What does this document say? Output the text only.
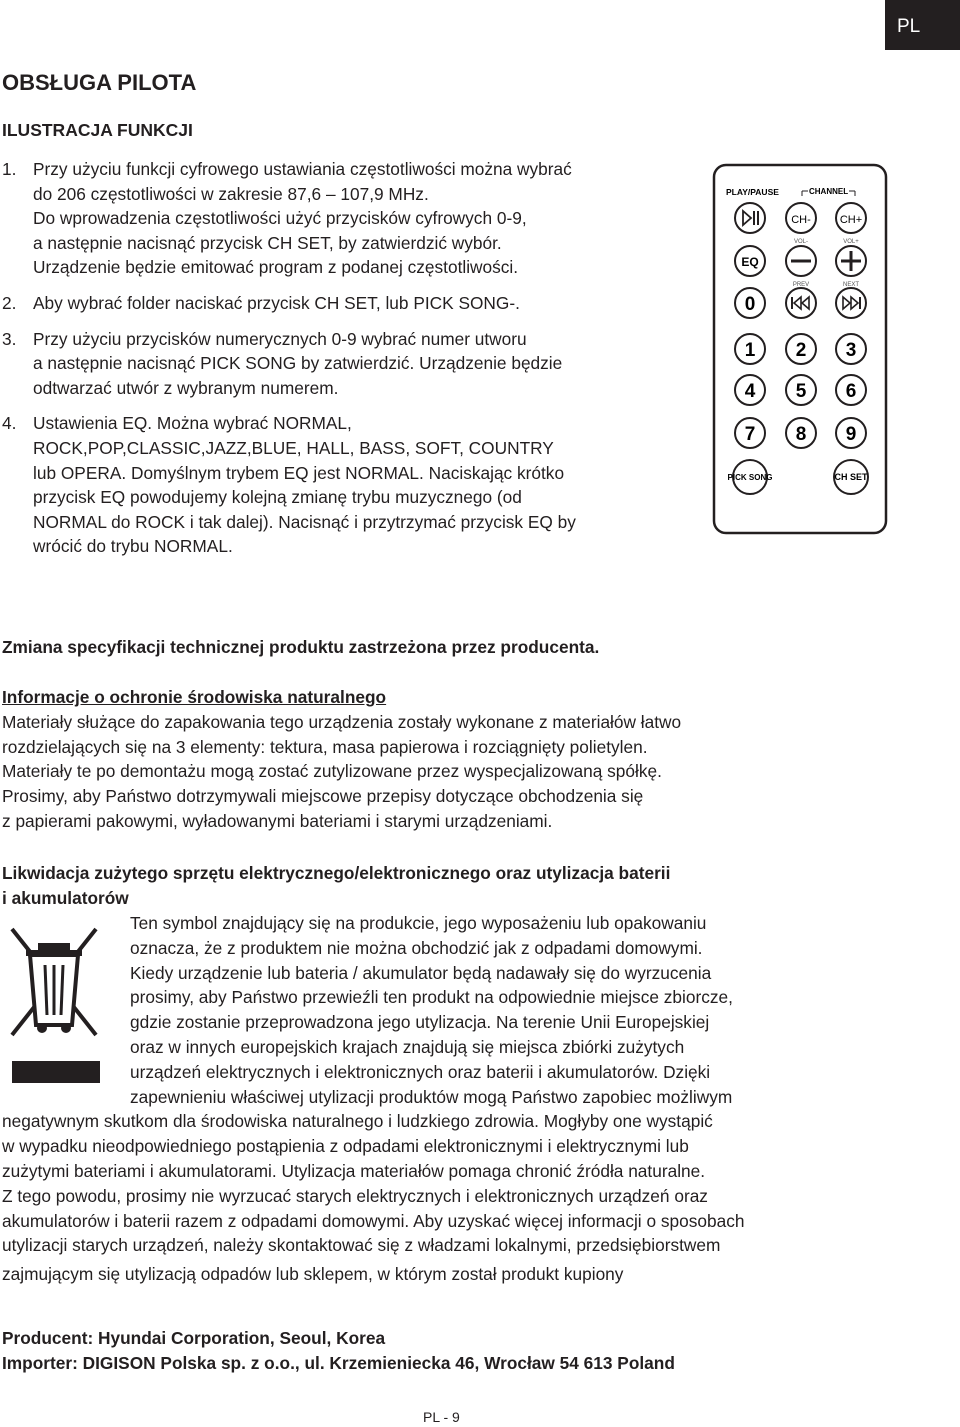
PL
OBSŁUGA PILOTA
ILUSTRACJA FUNKCJI
1. Przy użyciu funkcji cyfrowego ustawiania częstotliwości można wybrać
do 206 częstotliwości w zakresie 87,6 – 107,9 MHz.
Do wprowadzenia częstotliwości użyć przycisków cyfrowych 0-9,
a następnie nacisnąć przycisk CH SET, by zatwierdzić wybór.
Urządzenie będzie emitować program z podanej częstotliwości.
2. Aby wybrać folder naciskać przycisk CH SET, lub PICK SONG-.
3. Przy użyciu przycisków numerycznych 0-9 wybrać numer utworu
a następnie nacisnąć PICK SONG by zatwierdzić. Urządzenie będzie
odtwarzać utwór z wybranym numerem.
4. Ustawienia EQ. Można wybrać NORMAL,
ROCK,POP,CLASSIC,JAZZ,BLUE, HALL, BASS, SOFT, COUNTRY
lub OPERA. Domyślnym trybem EQ jest NORMAL. Naciskając krótko
przycisk EQ powodujemy kolejną zmianę trybu muzycznego (od
NORMAL do ROCK i tak dalej). Nacisnąć i przytrzymać przycisk EQ by
wrócić do trybu NORMAL.
PLAY/PAUSE	CHANNEL
CH-	CH+
VOL-	VOL+
EQ
PREV	NEXT
0
1 2 3
4 5 6
7 8 9
PICK SONG	CH SET
Zmiana specyfikacji technicznej produktu zastrzeżona przez producenta.
Informacje o ochronie środowiska naturalnego
Materiały służące do zapakowania tego urządzenia zostały wykonane z materiałów łatwo
rozdzielających się na 3 elementy: tektura, masa papierowa i rozciągnięty polietylen.
Materiały te po demontażu mogą zostać zutylizowane przez wyspecjalizowaną spółkę.
Prosimy, aby Państwo dotrzymywali miejscowe przepisy dotyczące obchodzenia się
z papierami pakowymi, wyładowanymi bateriami i starymi urządzeniami.
Likwidacja zużytego sprzętu elektrycznego/elektronicznego oraz utylizacja baterii
i akumulatorów
Ten symbol znajdujący się na produkcie, jego wyposażeniu lub opakowaniu
oznacza, że z produktem nie można obchodzić jak z odpadami domowymi.
Kiedy urządzenie lub bateria / akumulator będą nadawały się do wyrzucenia
prosimy, aby Państwo przewieźli ten produkt na odpowiednie miejsce zbiorcze,
gdzie zostanie przeprowadzona jego utylizacja. Na terenie Unii Europejskiej
oraz w innych europejskich krajach znajdują się miejsca zbiórki zużytych
urządzeń elektrycznych i elektronicznych oraz baterii i akumulatorów. Dzięki
zapewnieniu właściwej utylizacji produktów mogą Państwo zapobiec możliwym
negatywnym skutkom dla środowiska naturalnego i ludzkiego zdrowia. Mogłyby one wystąpić
w wypadku nieodpowiedniego postąpienia z odpadami elektronicznymi i elektrycznymi lub
zużytymi bateriami i akumulatorami. Utylizacja materiałów pomaga chronić źródła naturalne.
Z tego powodu, prosimy nie wyrzucać starych elektrycznych i elektronicznych urządzeń oraz
akumulatorów i baterii razem z odpadami domowymi. Aby uzyskać więcej informacji o sposobach
utylizacji starych urządzeń, należy skontaktować się z władzami lokalnymi, przedsiębiorstwem
zajmującym się utylizacją odpadów lub sklepem, w którym został produkt kupiony
Producent: Hyundai Corporation, Seoul, Korea
Importer: DIGISON Polska sp. z o.o., ul. Krzemieniecka 46, Wrocław 54 613 Poland
PL - 9
